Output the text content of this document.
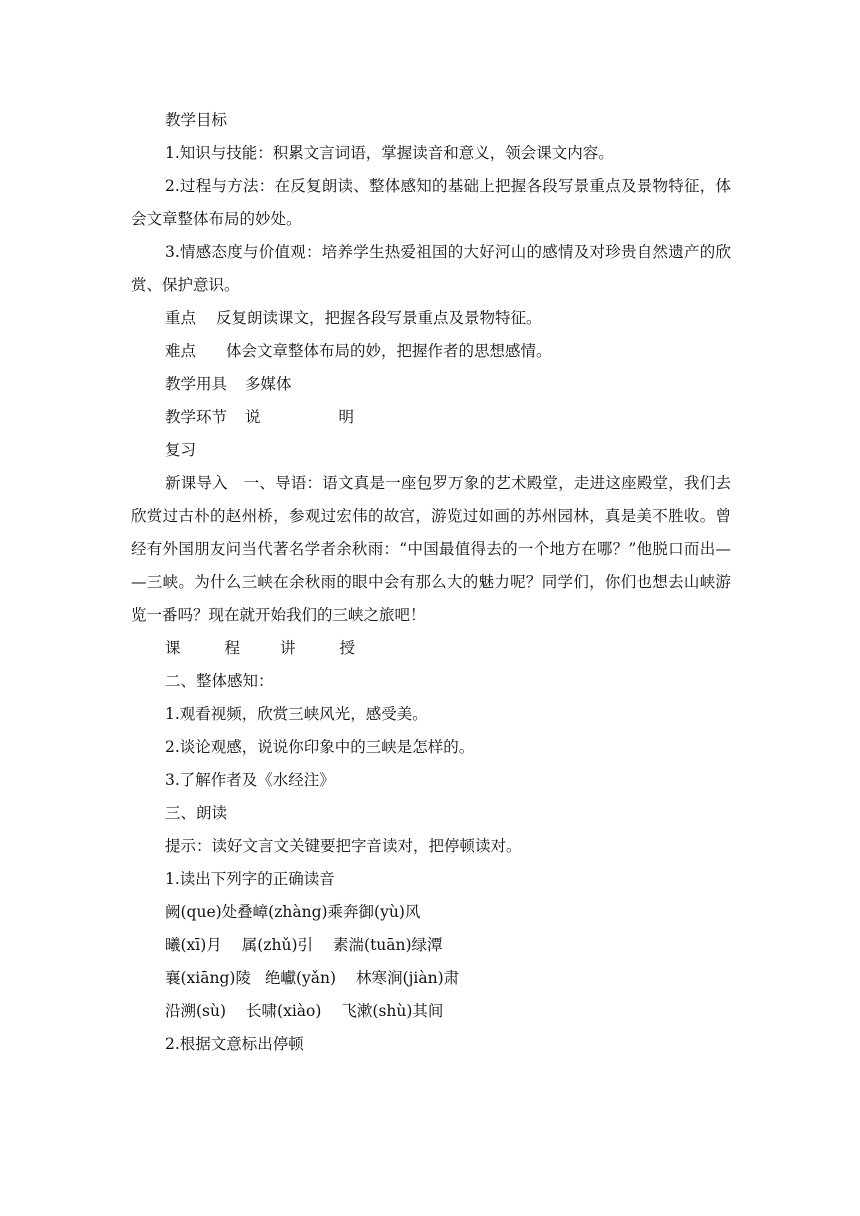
教学目标
1.知识与技能：积累文言词语，掌握读音和意义，领会课文内容。
2.过程与方法：在反复朗读、整体感知的基础上把握各段写景重点及景物特征，体会文章整体布局的妙处。
3.情感态度与价值观：培养学生热爱祖国的大好河山的感情及对珍贵自然遗产的欣赏、保护意识。
重点 反复朗读课文，把握各段写景重点及景物特征。
难点 体会文章整体布局的妙，把握作者的思想感情。
教学用具 多媒体
教学环节 说	明
复习
新课导入　一、导语：语文真是一座包罗万象的艺术殿堂，走进这座殿堂，我们去欣赏过古朴的赵州桥，参观过宏伟的故宫，游览过如画的苏州园林，真是美不胜收。曾经有外国朋友问当代著名学者余秋雨：“中国最值得去的一个地方在哪？”他脱口而出——三峡。为什么三峡在余秋雨的眼中会有那么大的魅力呢？同学们，你们也想去山峡游览一番吗？现在就开始我们的三峡之旅吧！
课	程	讲	授
二、整体感知：
1.观看视频，欣赏三峡风光，感受美。
2.谈论观感，说说你印象中的三峡是怎样的。
3.了解作者及《水经注》
三、朗读
提示：读好文言文关键要把字音读对，把停顿读对。
1.读出下列字的正确读音
阙(que)处叠嶂(zhàng)乘奔御(yù)风
曦(xī)月 属(zhǔ)引 素湍(tuān)绿潭
襄(xiāng)陵 绝巘(yǎn) 林寒涧(jiàn)肃
沿溯(sù) 长啸(xiào) 飞漱(shù)其间
2.根据文意标出停顿
